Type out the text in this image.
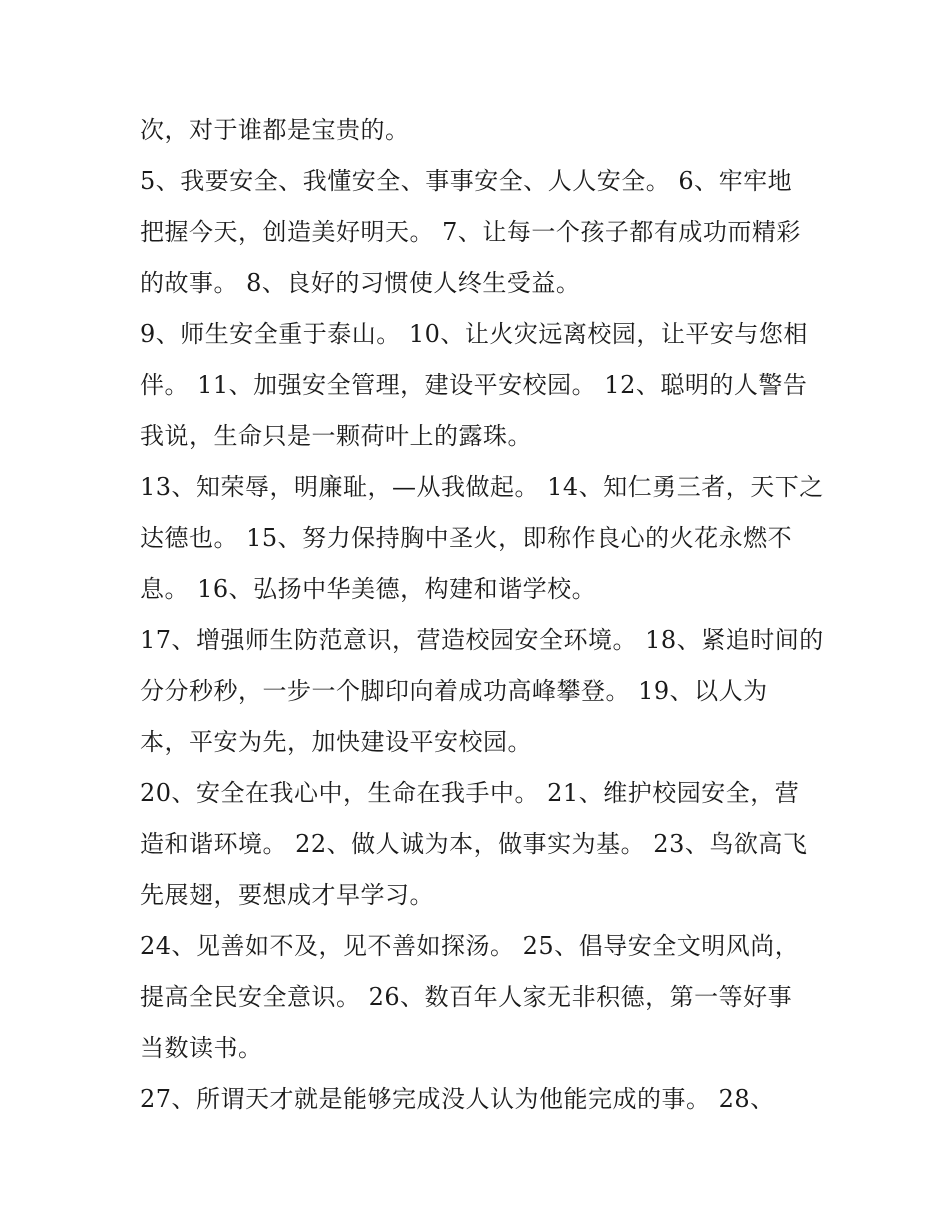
次，对于谁都是宝贵的。
5、我要安全、我懂安全、事事安全、人人安全。 6、牢牢地
把握今天，创造美好明天。 7、让每一个孩子都有成功而精彩
的故事。 8、良好的习惯使人终生受益。
9、师生安全重于泰山。 10、让火灾远离校园，让平安与您相
伴。 11、加强安全管理，建设平安校园。 12、聪明的人警告
我说，生命只是一颗荷叶上的露珠。
13、知荣辱，明廉耻，—从我做起。 14、知仁勇三者，天下之
达德也。 15、努力保持胸中圣火，即称作良心的火花永燃不
息。 16、弘扬中华美德，构建和谐学校。
17、增强师生防范意识，营造校园安全环境。 18、紧追时间的
分分秒秒，一步一个脚印向着成功高峰攀登。 19、以人为
本，平安为先，加快建设平安校园。
20、安全在我心中，生命在我手中。 21、维护校园安全，营
造和谐环境。 22、做人诚为本，做事实为基。 23、鸟欲高飞
先展翅，要想成才早学习。
24、见善如不及，见不善如探汤。 25、倡导安全文明风尚，
提高全民安全意识。 26、数百年人家无非积德，第一等好事
当数读书。
27、所谓天才就是能够完成没人认为他能完成的事。 28、
